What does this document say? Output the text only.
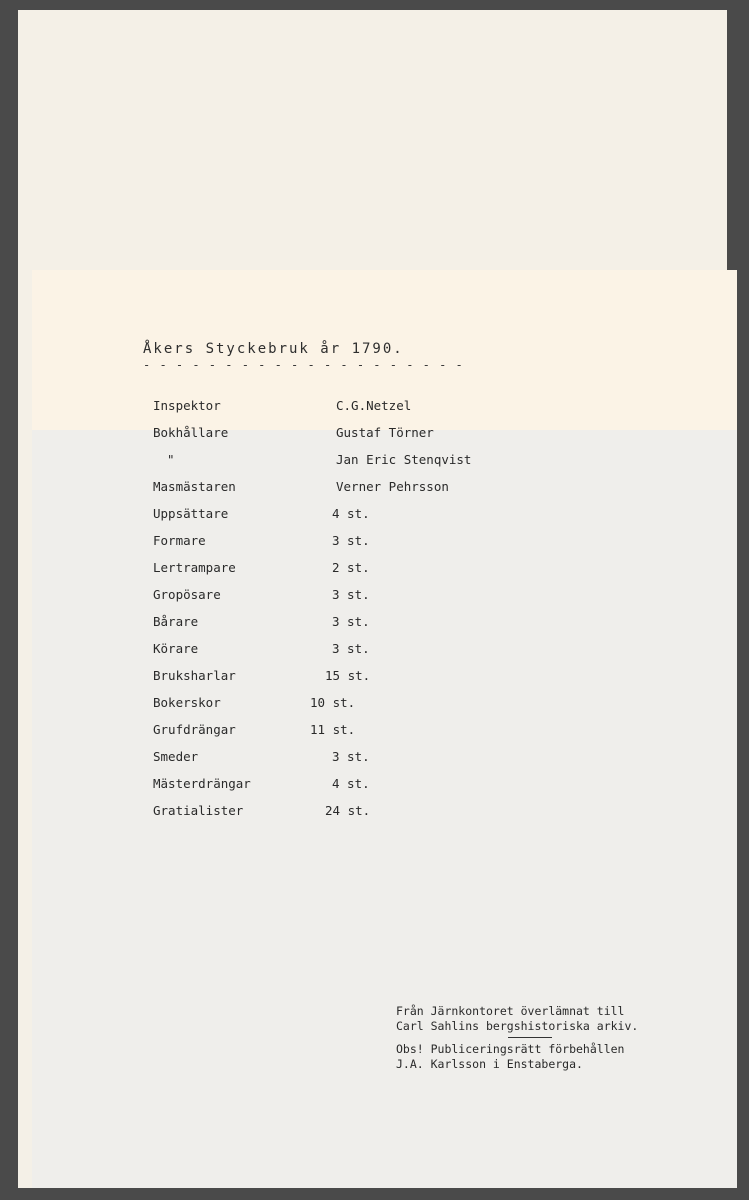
Åkers Styckebruk år 1790.
- - -
Inspektor	C.G.Netzel
Bokhållare	Gustaf Törner
"	Jan Eric Stenqvist
Masmästaren	Verner Pehrsson
Uppsättare	4 st.
Formare	3 st.
Lertrampare	2 st.
Gropösare	3 st.
Bårare	3 st.
Körare	3 st.
Bruksharlar	15 st.
Bokerskor	10 st.
Grufdrängar	11 st.
Smeder	3 st.
Mästerdrängar	4 st.
Gratialister	24 st.
Från Järnkontoret överlämnat till
Carl Sahlins bergshistoriska arkiv.
Obs! Publiceringsrätt förbehållen
J.A. Karlsson i Enstaberga.
